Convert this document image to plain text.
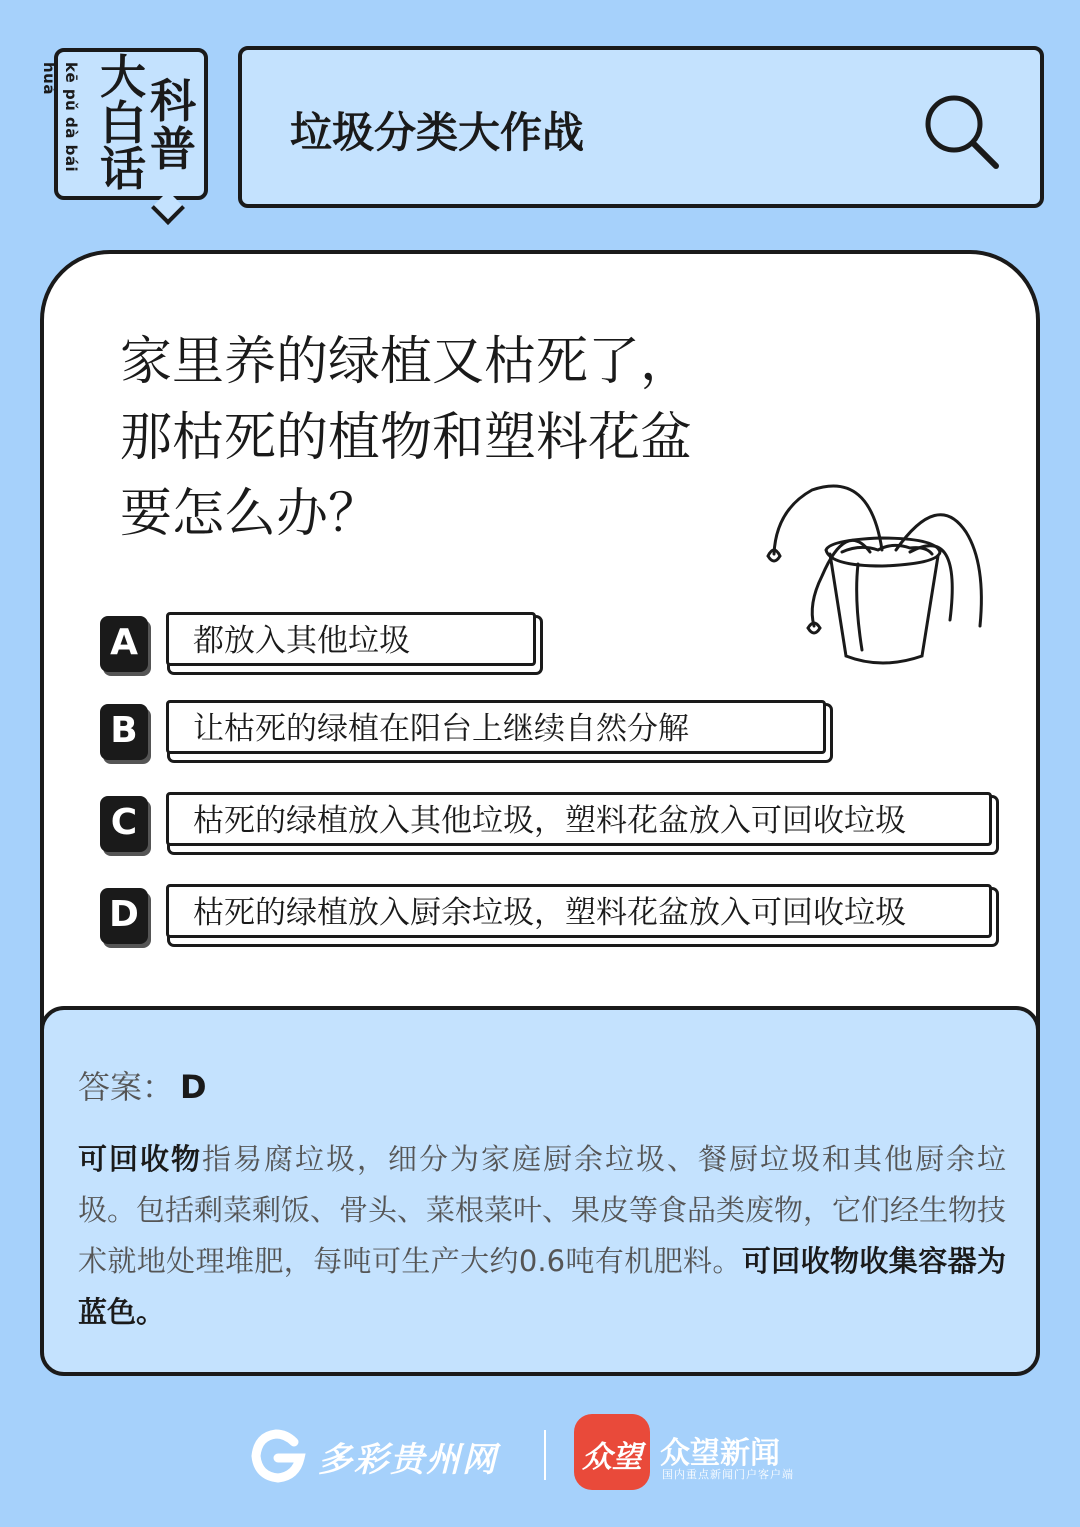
kē pǔ dà bái huà 大 科
白 普
话
垃圾分类大作战
家里养的绿植又枯死了，
那枯死的植物和塑料花盆
要怎么办？
A	都放入其他垃圾
B	让枯死的绿植在阳台上继续自然分解
C	枯死的绿植放入其他垃圾，塑料花盆放入可回收垃圾
D 枯死的绿植放入厨余垃圾，塑料花盆放入可回收垃圾
答案： D
可回收物指易腐垃圾，细分为家庭厨余垃圾、餐厨垃圾和其他厨余垃圾。包括剩菜剩饭、骨头、菜根菜叶、果皮等食品类废物，它们经生物技术就地处理堆肥，每吨可生产大约0.6吨有机肥料。可回收物收集容器为蓝色。
多彩贵州网	众望 众望新闻
国内重点新闻门户客户端
